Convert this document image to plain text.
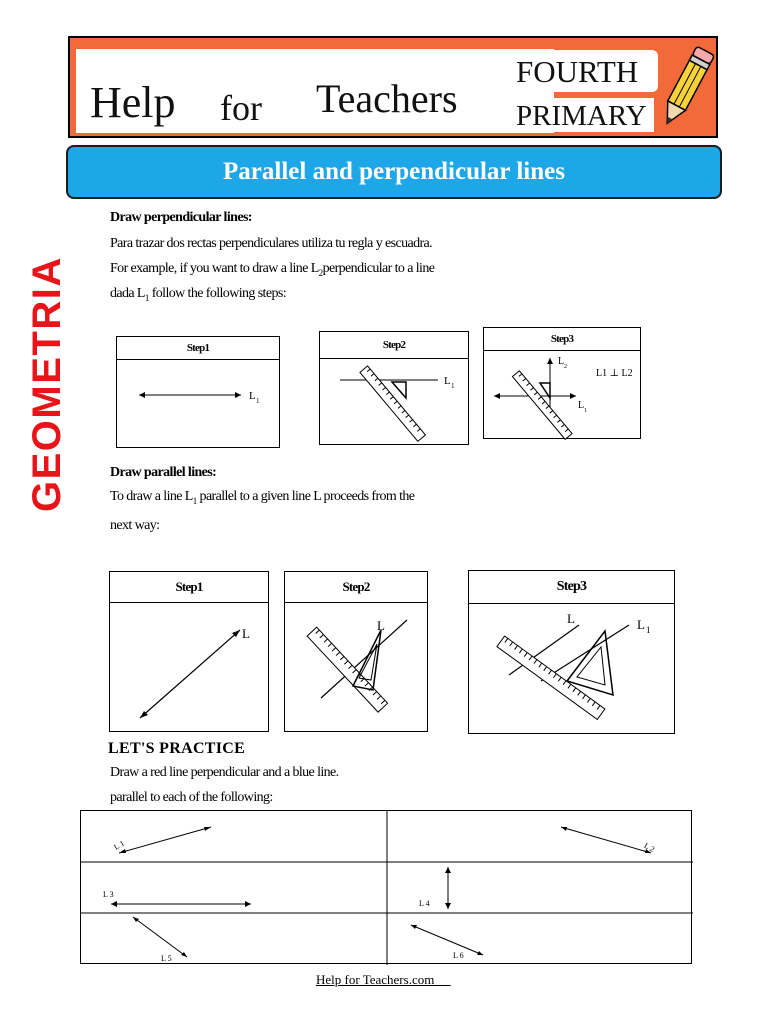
Help for Teachers
FOURTH
PRIMARY
Parallel and perpendicular lines
GEOMETRIA
Draw perpendicular lines:
Para trazar dos rectas perpendiculares utiliza tu regla y escuadra.
For example, if you want to draw a line $L_2perpendicular$ to a line
dada $L_1$ follow the following steps:
Step1
L 1
Step2
L 1
Step3
L 1
L 2
L1 ⊥ L2
Draw parallel lines:
To draw a line $L_1$ parallel to a given line L proceeds from the
next way:
Step1
L
Step2
L
Step3
L	L 1
LET'S PRACTICE
Draw a red line perpendicular and a blue line.
parallel to each of the following:
L 1	L 2
L 3
L 4
L 5	L 6
Help for Teachers.com __
